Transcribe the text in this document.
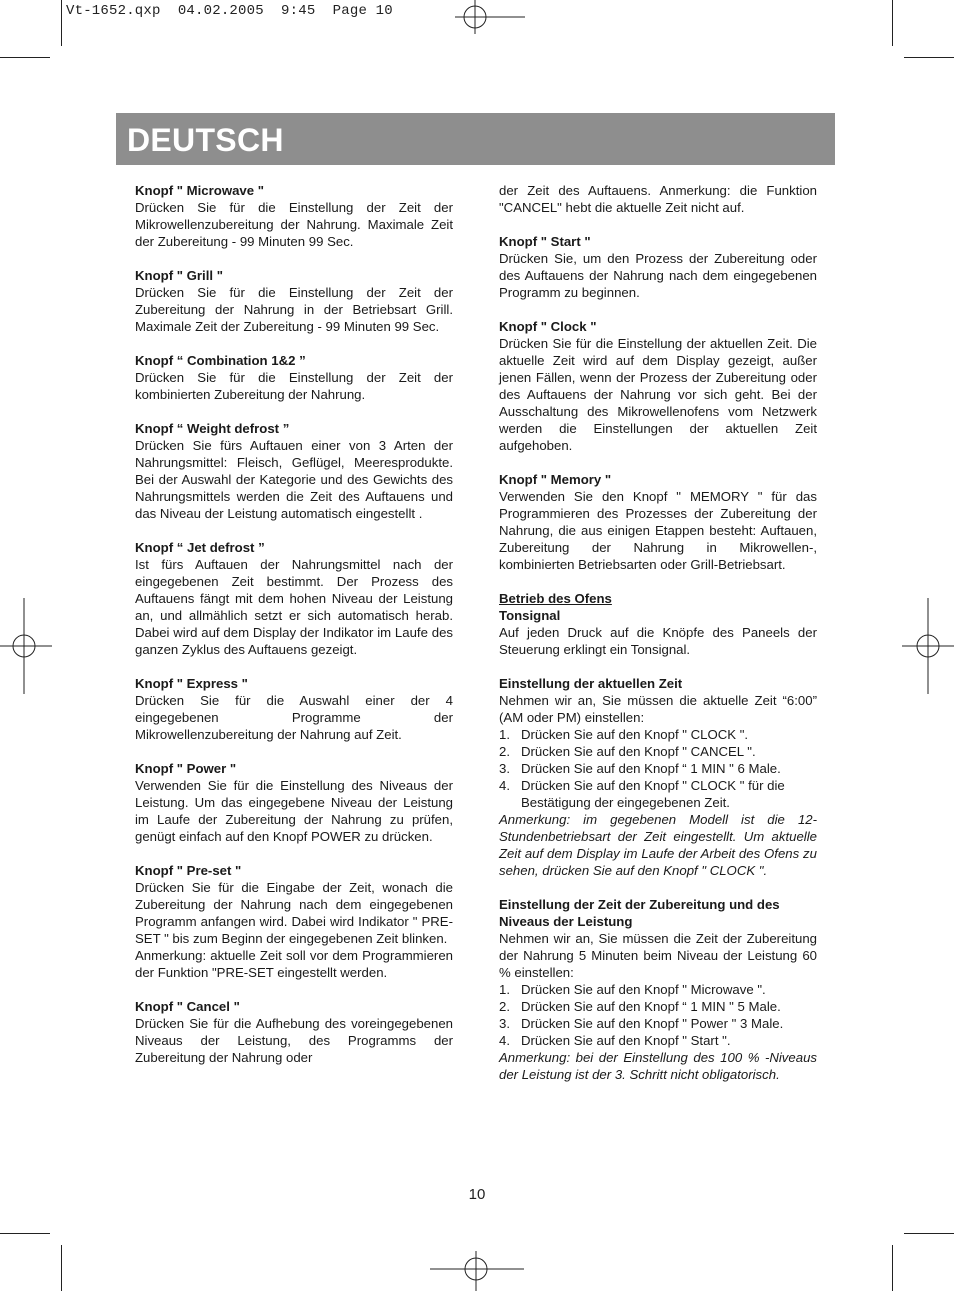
Vt-1652.qxp  04.02.2005  9:45  Page 10
DEUTSCH

Knopf " Microwave "

Drücken Sie für die Einstellung der Zeit der Mikrowellenzubereitung der Nahrung. Maximale Zeit der Zubereitung - 99 Minuten 99 Sec.

Knopf " Grill "

Drücken Sie für die Einstellung der Zeit der Zubereitung der Nahrung in der Betriebsart Grill. Maximale Zeit der Zubereitung - 99 Minuten 99 Sec.

Knopf “ Combination 1&2 ”

Drücken Sie für die Einstellung der Zeit der kombinierten Zubereitung der Nahrung.

Knopf “ Weight defrost ”

Drücken Sie fürs Auftauen einer von 3 Arten der Nahrungsmittel: Fleisch, Geflügel, Meeresprodukte. Bei der Auswahl der Kategorie und des Gewichts des Nahrungsmittels werden die Zeit des Auftauens und das Niveau der Leistung automatisch eingestellt .

Knopf “ Jet defrost ”

Ist fürs Auftauen der Nahrungsmittel nach der eingegebenen Zeit bestimmt. Der Prozess des Auftauens fängt mit dem hohen Niveau der Leistung an, und allmählich setzt er sich automatisch herab. Dabei wird auf dem Display der Indikator im Laufe des ganzen Zyklus des Auftauens gezeigt.

Knopf " Express "

Drücken Sie für die Auswahl einer der 4 eingegebenen Programme der Mikrowellenzubereitung der Nahrung auf Zeit.

Knopf " Power "

Verwenden Sie für die Einstellung des Niveaus der Leistung. Um das eingegebene Niveau der Leistung im Laufe der Zubereitung der Nahrung zu prüfen, genügt einfach auf den Knopf POWER zu drücken.

Knopf " Pre-set "

Drücken Sie für die Eingabe der Zeit, wonach die Zubereitung der Nahrung nach dem eingegebenen Programm anfangen wird. Dabei wird Indikator " PRE-SET " bis zum Beginn der eingegebenen Zeit blinken.

Anmerkung: aktuelle Zeit soll vor dem Programmieren der Funktion "PRE-SET eingestellt werden.

Knopf " Cancel "

Drücken Sie für die Aufhebung des voreingegebenen Niveaus der Leistung, des Programms der Zubereitung der Nahrung oder

der Zeit des Auftauens. Anmerkung: die Funktion "CANCEL" hebt die aktuelle Zeit nicht auf.

Knopf " Start "

Drücken Sie, um den Prozess der Zubereitung oder des Auftauens der Nahrung nach dem eingegebenen Programm zu beginnen.

Knopf " Clock "

Drücken Sie für die Einstellung der aktuellen Zeit. Die aktuelle Zeit wird auf dem Display gezeigt, außer jenen Fällen, wenn der Prozess der Zubereitung oder des Auftauens der Nahrung vor sich geht. Bei der Ausschaltung des Mikrowellenofens vom Netzwerk werden die Einstellungen der aktuellen Zeit aufgehoben.

Knopf " Memory "

Verwenden Sie den Knopf " MEMORY " für das Programmieren des Prozesses der Zubereitung der Nahrung, die aus einigen Etappen besteht: Auftauen, Zubereitung der Nahrung in Mikrowellen-, kombinierten Betriebsarten oder Grill-Betriebsart.

Betrieb des Ofens

Tonsignal

Auf jeden Druck auf die Knöpfe des Paneels der Steuerung erklingt ein Tonsignal.

Einstellung der aktuellen Zeit

Nehmen wir an, Sie müssen die aktuelle Zeit “6:00” (AM oder PM) einstellen:

1. Drücken Sie auf den Knopf " CLOCK ".
2. Drücken Sie auf den Knopf " CANCEL ".
3. Drücken Sie auf den Knopf “ 1 MIN " 6 Male.
4. Drücken Sie auf den Knopf " CLOCK " für die Bestätigung der eingegebenen Zeit.

Anmerkung: im gegebenen Modell ist die 12-Stundenbetriebsart der Zeit eingestellt. Um aktuelle Zeit auf dem Display im Laufe der Arbeit des Ofens zu sehen, drücken Sie auf den Knopf " CLOCK ".

Einstellung der Zeit der Zubereitung und des Niveaus der Leistung

Nehmen wir an, Sie müssen die Zeit der Zubereitung der Nahrung 5 Minuten beim Niveau der Leistung 60 % einstellen:

1. Drücken Sie auf den Knopf " Microwave ".
2. Drücken Sie auf den Knopf “ 1 MIN " 5 Male.
3. Drücken Sie auf den Knopf " Power " 3 Male.
4. Drücken Sie auf den Knopf " Start ".

Anmerkung: bei der Einstellung des 100 % -Niveaus der Leistung ist der 3. Schritt nicht obligatorisch.

10
